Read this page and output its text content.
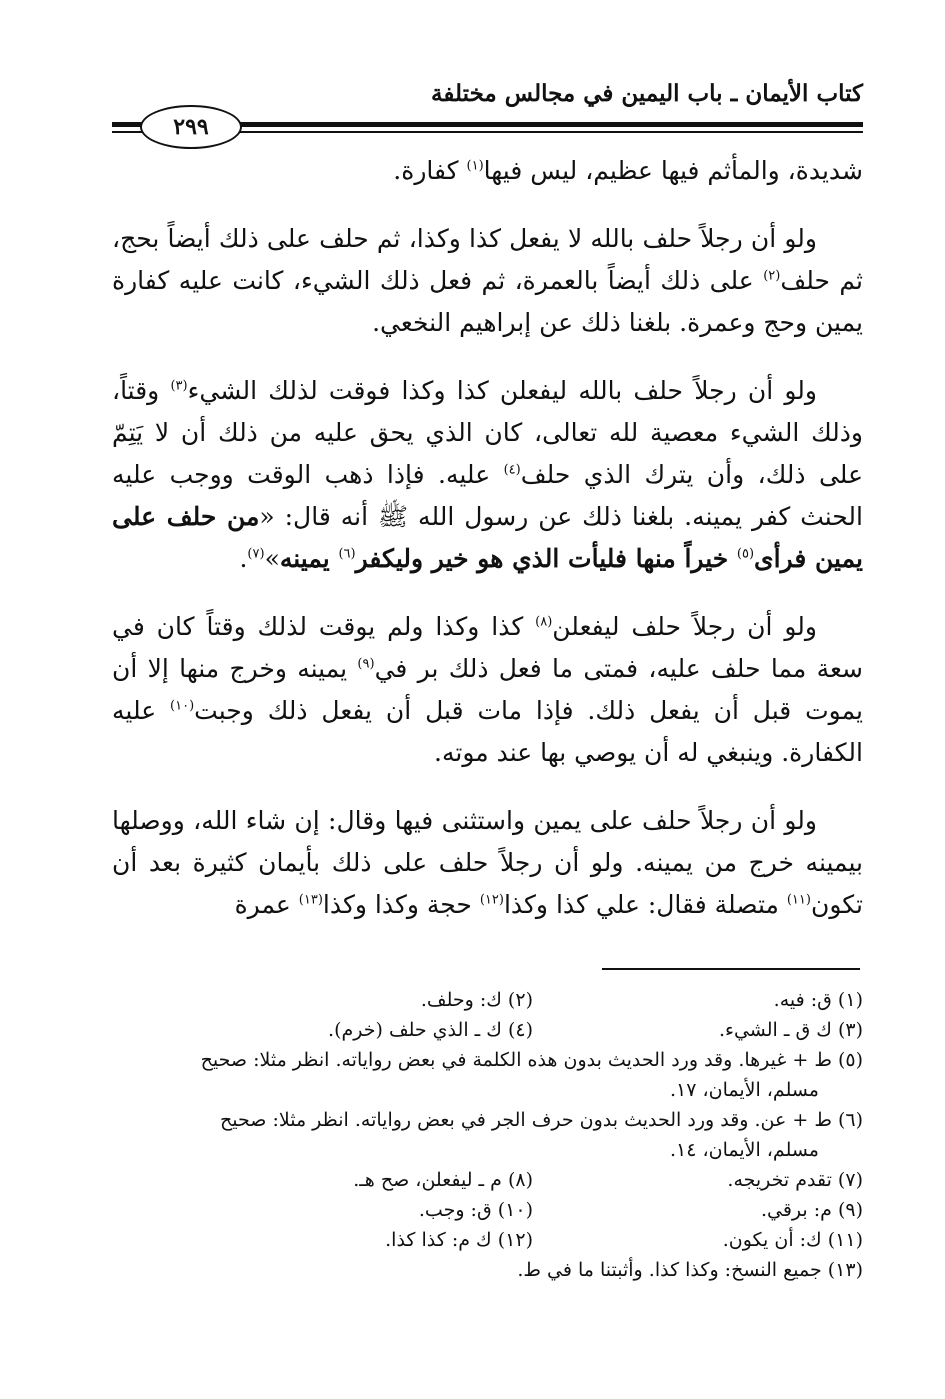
كتاب الأيمان ـ باب اليمين في مجالس مختلفة
٢٩٩

شديدة، والمأثم فيها عظيم، ليس فيها$^{(١)}$ كفارة.

ولو أن رجلاً حلف بالله لا يفعل كذا وكذا، ثم حلف على ذلك أيضاً بحج، ثم حلف$^{(٢)}$ على ذلك أيضاً بالعمرة، ثم فعل ذلك الشيء، كانت عليه كفارة يمين وحج وعمرة. بلغنا ذلك عن إبراهيم النخعي.

ولو أن رجلاً حلف بالله ليفعلن كذا وكذا فوقت لذلك الشيء$^{(٣)}$ وقتاً، وذلك الشيء معصية لله تعالى، كان الذي يحق عليه من ذلك أن لا يَتِمّ على ذلك، وأن يترك الذي حلف$^{(٤)}$ عليه. فإذا ذهب الوقت ووجب عليه الحنث كفر يمينه. بلغنا ذلك عن رسول الله ﷺ أنه قال: «من حلف على يمين فرأى$^{(٥)}$ خيراً منها فليأت الذي هو خير وليكفر$^{(٦)}$ يمينه»$^{(٧)}$.

ولو أن رجلاً حلف ليفعلن$^{(٨)}$ كذا وكذا ولم يوقت لذلك وقتاً كان في سعة مما حلف عليه، فمتى ما فعل ذلك بر في$^{(٩)}$ يمينه وخرج منها إلا أن يموت قبل أن يفعل ذلك. فإذا مات قبل أن يفعل ذلك وجبت$^{(١٠)}$ عليه الكفارة. وينبغي له أن يوصي بها عند موته.

ولو أن رجلاً حلف على يمين واستثنى فيها وقال: إن شاء الله، ووصلها بيمينه خرج من يمينه. ولو أن رجلاً حلف على ذلك بأيمان كثيرة بعد أن تكون$^{(١١)}$ متصلة فقال: علي كذا وكذا$^{(١٢)}$ حجة وكذا وكذا$^{(١٣)}$ عمرة

(١) ق: فيه.
(٢) ك: وحلف.
(٣) ك ق ـ الشيء.
(٤) ك ـ الذي حلف (خرم).
(٥) ط + غيرها. وقد ورد الحديث بدون هذه الكلمة في بعض رواياته. انظر مثلا: صحيح
مسلم، الأيمان، ١٧.
(٦) ط + عن. وقد ورد الحديث بدون حرف الجر في بعض رواياته. انظر مثلا: صحيح
مسلم، الأيمان، ١٤.
(٧) تقدم تخريجه.
(٨) م ـ ليفعلن، صح هـ.
(٩) م: برقي.
(١٠) ق: وجب.
(١١) ك: أن يكون.
(١٢) ك م: كذا كذا.
(١٣) جميع النسخ: وكذا كذا. وأثبتنا ما في ط.
